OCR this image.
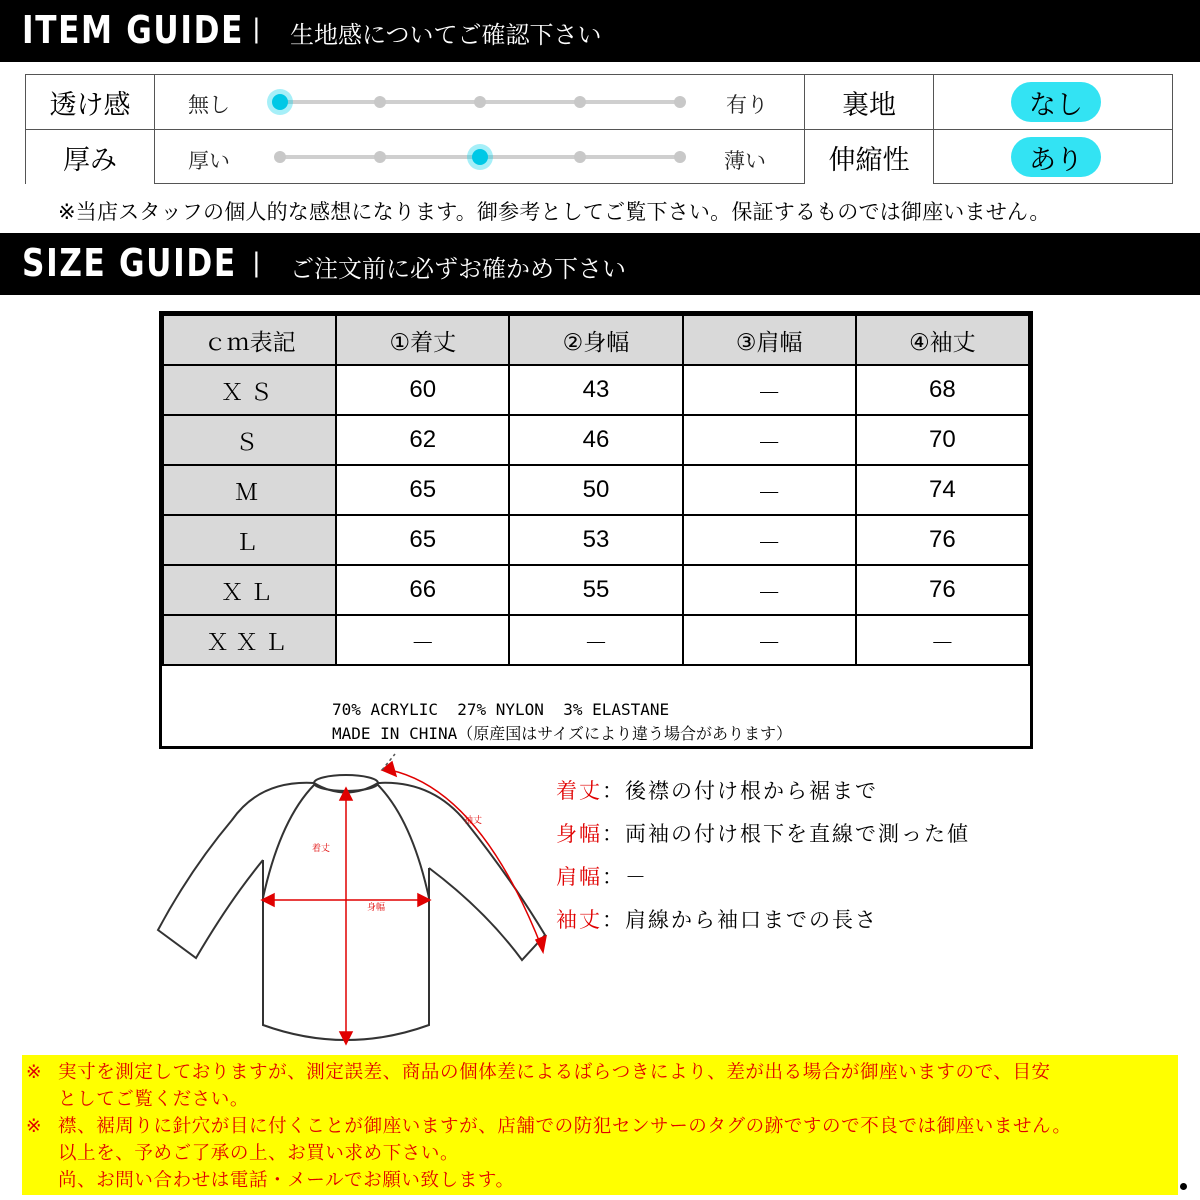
ITEM GUIDE | 生地感についてご確認下さい
透け感	無し	有り	裏地	なし
厚み	厚い	薄い	伸縮性	あり
※当店スタッフの個人的な感想になります。御参考としてご覧下さい。保証するものでは御座いません。
SIZE GUIDE | ご注文前に必ずお確かめ下さい
ｃｍ表記	①着丈	②身幅	③肩幅	④袖丈
ＸＳ	60	43	－	68
Ｓ	62	46	－	70
Ｍ	65	50	－	74
Ｌ	65	53	－	76
ＸＬ	66	55	－	76
ＸＸＬ	－	－	－	－
70% ACRYLIC  27% NYLON  3% ELASTANE
MADE IN CHINA（原産国はサイズにより違う場合があります）
着丈
身幅
袖丈
着丈：後襟の付け根から裾まで
身幅：両袖の付け根下を直線で測った値
肩幅：－
袖丈：肩線から袖口までの長さ
※ 実寸を測定しておりますが、測定誤差、商品の個体差によるばらつきにより、差が出る場合が御座いますので、目安
としてご覧ください。
※ 襟、裾周りに針穴が目に付くことが御座いますが、店舗での防犯センサーのタグの跡ですので不良では御座いません。
以上を、予めご了承の上、お買い求め下さい。
尚、お問い合わせは電話・メールでお願い致します。
